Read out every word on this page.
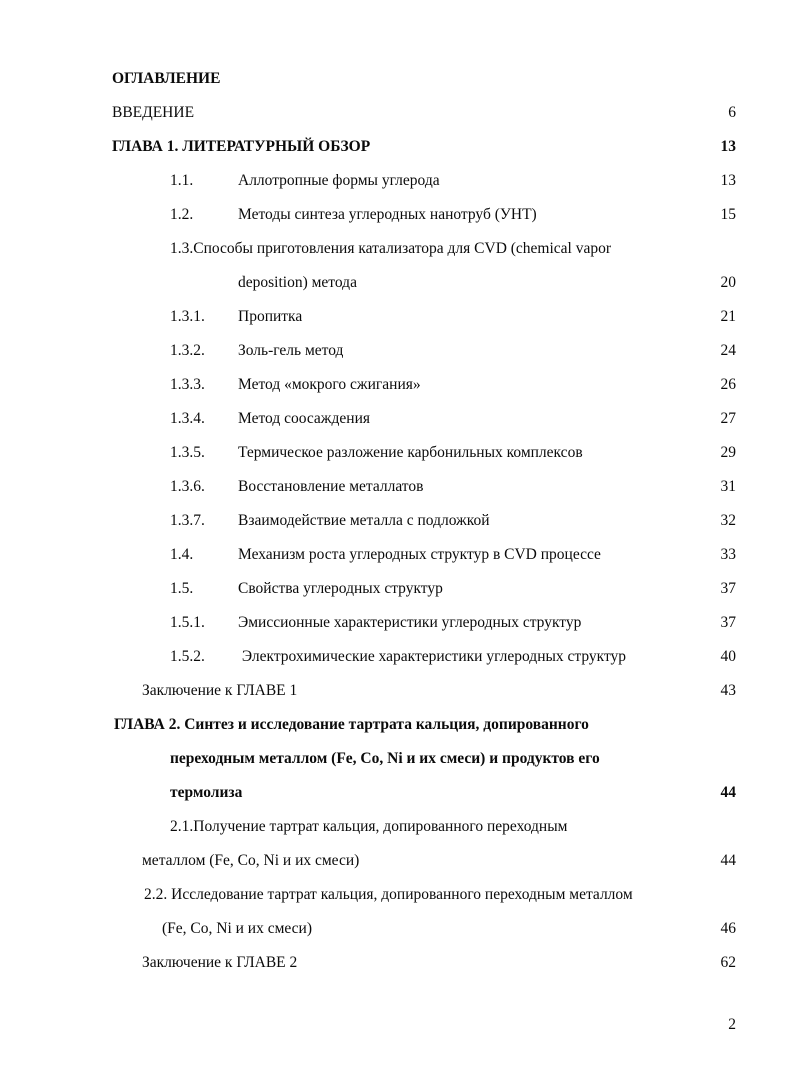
ОГЛАВЛЕНИЕ
ВВЕДЕНИЕ .....	6
ГЛАВА 1. ЛИТЕРАТУРНЫЙ ОБЗОР .....	13
1.1.	Аллотропные формы углерода .....	13
1.2.	Методы синтеза углеродных нанотруб (УНТ) .....	15
1.3.Способы приготовления катализатора для CVD (chemical vapor
deposition) метода .....	20
1.3.1.	Пропитка .....	21
1.3.2.	Золь-гель метод .....	24
1.3.3.	Метод «мокрого сжигания» .....	26
1.3.4.	Метод соосаждения .....	27
1.3.5.	Термическое разложение карбонильных комплексов .....	29
1.3.6.	Восстановление металлатов .....	31
1.3.7.	Взаимодействие металла с подложкой .....	32
1.4.	Механизм роста углеродных структур в CVD процессе .....	33
1.5.	Свойства углеродных структур .....	37
1.5.1.	Эмиссионные характеристики углеродных структур .....	37
1.5.2.	Электрохимические характеристики углеродных структур .....	40
Заключение к ГЛАВЕ 1 .....	43
ГЛАВА 2. Синтез и исследование тартрата кальция, допированного
переходным металлом (Fe, Co, Ni и их смеси) и продуктов его
термолиза .....	44
2.1.Получение тартрат кальция, допированного переходным
металлом (Fe, Co, Ni и их смеси) .....	44
2.2. Исследование тартрат кальция, допированного переходным металлом
(Fe, Co, Ni и их смеси) .....	46
Заключение к ГЛАВЕ 2 .....	62
2
